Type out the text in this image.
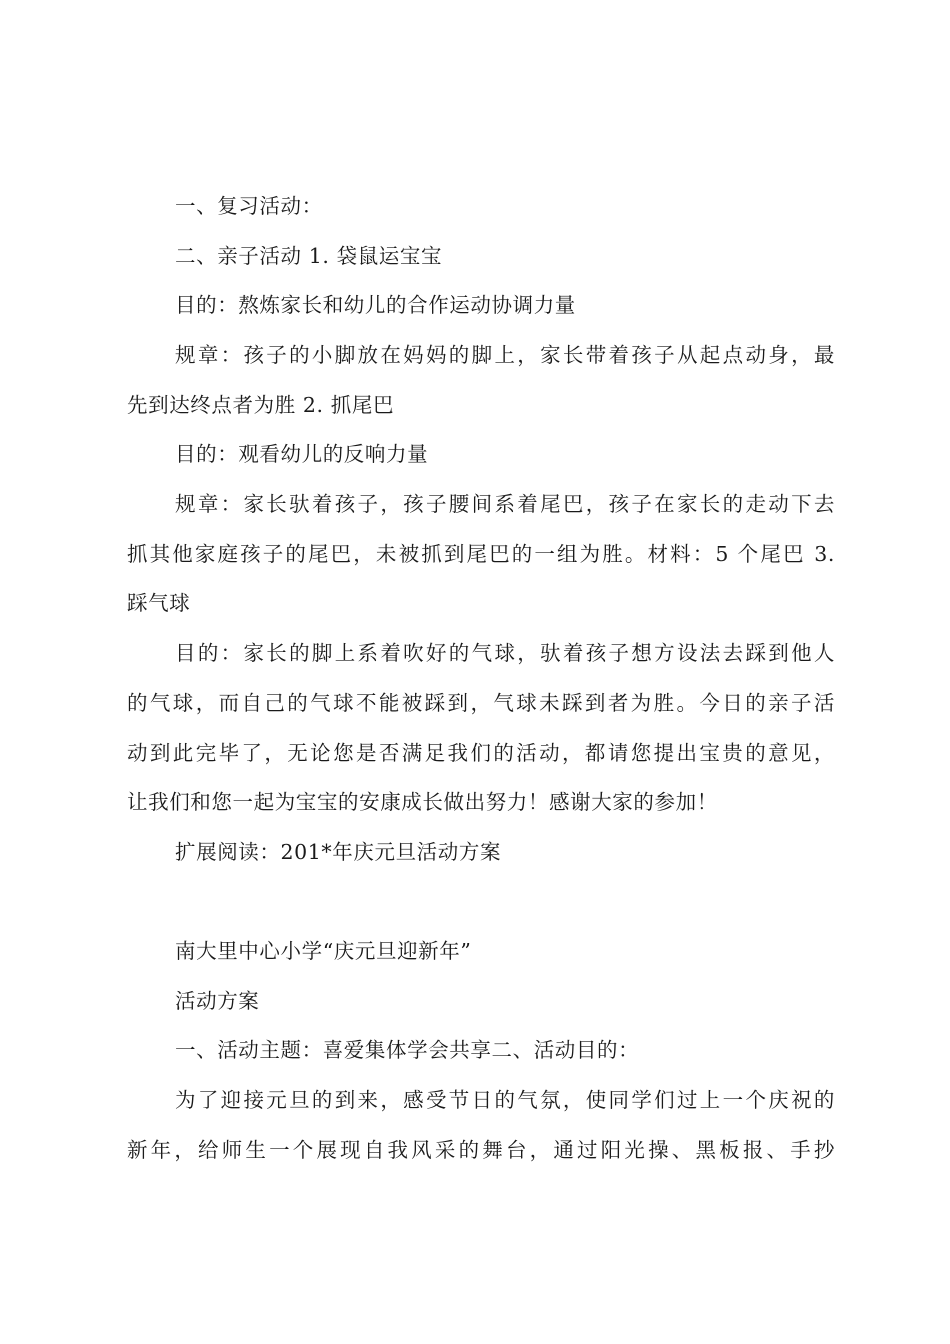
一、复习活动：
二、亲子活动 1. 袋鼠运宝宝
目的：熬炼家长和幼儿的合作运动协调力量
规章：孩子的小脚放在妈妈的脚上，家长带着孩子从起点动身，最
先到达终点者为胜 2. 抓尾巴
目的：观看幼儿的反响力量
规章：家长驮着孩子，孩子腰间系着尾巴，孩子在家长的走动下去
抓其他家庭孩子的尾巴，未被抓到尾巴的一组为胜。材料：5 个尾巴 3.
踩气球
目的：家长的脚上系着吹好的气球，驮着孩子想方设法去踩到他人
的气球，而自己的气球不能被踩到，气球未踩到者为胜。今日的亲子活
动到此完毕了，无论您是否满足我们的活动，都请您提出宝贵的意见，
让我们和您一起为宝宝的安康成长做出努力！感谢大家的参加！
扩展阅读：201*年庆元旦活动方案
南大里中心小学“庆元旦迎新年”
活动方案
一、活动主题：喜爱集体学会共享二、活动目的：
为了迎接元旦的到来，感受节日的气氛，使同学们过上一个庆祝的
新年，给师生一个展现自我风采的舞台，通过阳光操、黑板报、手抄
